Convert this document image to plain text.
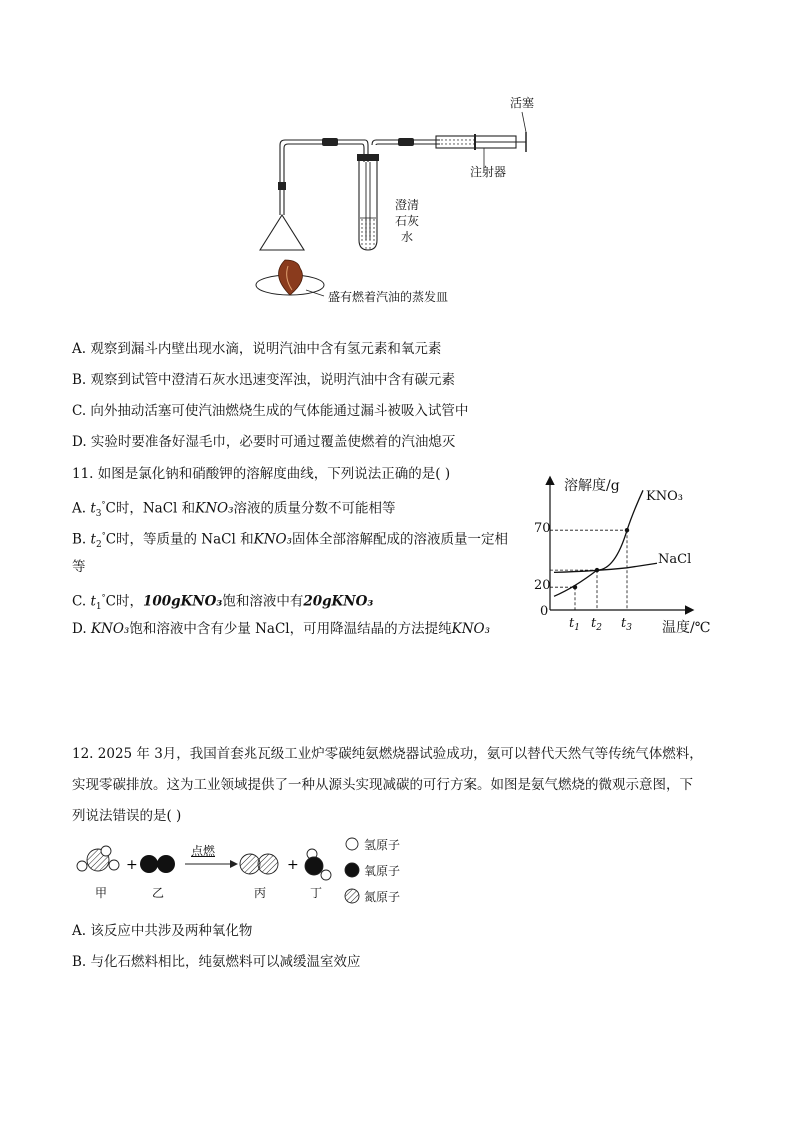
活塞
注射器
澄清
石灰
水
盛有燃着汽油的蒸发皿
A. 观察到漏斗内壁出现水滴，说明汽油中含有氢元素和氧元素
B. 观察到试管中澄清石灰水迅速变浑浊，说明汽油中含有碳元素
C. 向外抽动活塞可使汽油燃烧生成的气体能通过漏斗被吸入试管中
D. 实验时要准备好湿毛巾，必要时可通过覆盖使燃着的汽油熄灭
11. 如图是氯化钠和硝酸钾的溶解度曲线，下列说法正确的是( )
A. $t_3^\circ C$时，NaCl 和KNO₃溶液的质量分数不可能相等
B. $t_2^\circ C$时，等质量的 NaCl 和KNO₃固体全部溶解配成的溶液质量一定相
等
C. $t_1^\circ C$时，100gKNO₃饱和溶液中有20gKNO₃
D. KNO₃饱和溶液中含有少量 NaCl，可用降温结晶的方法提纯KNO₃
溶解度/g
温度/℃
0
20
70
$t_1$ $t_2$ $t_3$
KNO₃
NaCl
12. 2025 年 3月，我国首套兆瓦级工业炉零碳纯氨燃烧器试验成功，氨可以替代天然气等传统气体燃料，
实现零碳排放。这为工业领域提供了一种从源头实现减碳的可行方案。如图是氨气燃烧的微观示意图，下
列说法错误的是( )
+	+
点燃
甲	乙	丙	丁
氢原子
氧原子
氮原子
A. 该反应中共涉及两种氧化物
B. 与化石燃料相比，纯氨燃料可以减缓温室效应
